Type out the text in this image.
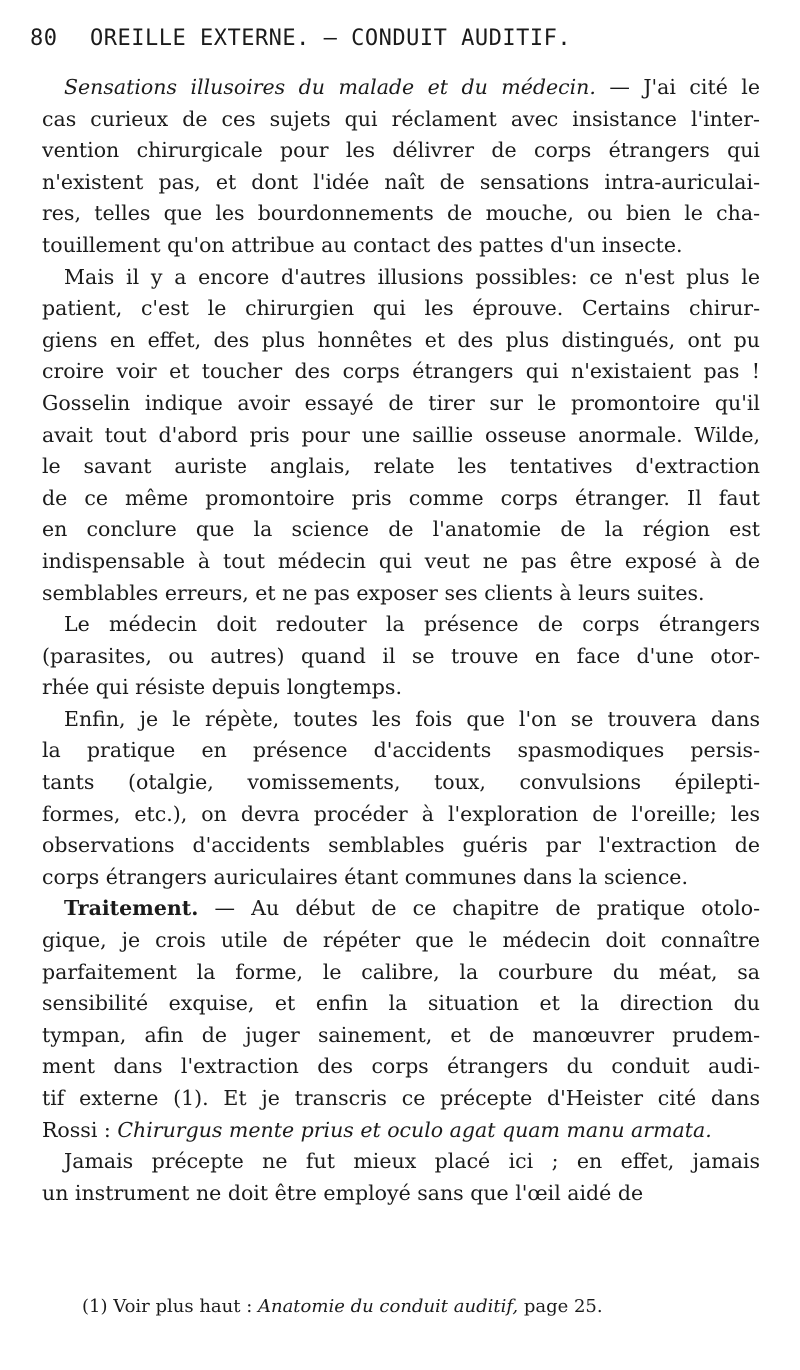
80 OREILLE EXTERNE. — CONDUIT AUDITIF.
Sensations illusoires du malade et du médecin. — J'ai cité le
cas curieux de ces sujets qui réclament avec insistance l'inter-
vention chirurgicale pour les délivrer de corps étrangers qui
n'existent pas, et dont l'idée naît de sensations intra-auriculai-
res, telles que les bourdonnements de mouche, ou bien le cha-
touillement qu'on attribue au contact des pattes d'un insecte.
Mais il y a encore d'autres illusions possibles: ce n'est plus le
patient, c'est le chirurgien qui les éprouve. Certains chirur-
giens en effet, des plus honnêtes et des plus distingués, ont pu
croire voir et toucher des corps étrangers qui n'existaient pas !
Gosselin indique avoir essayé de tirer sur le promontoire qu'il
avait tout d'abord pris pour une saillie osseuse anormale. Wilde,
le savant auriste anglais, relate les tentatives d'extraction
de ce même promontoire pris comme corps étranger. Il faut
en conclure que la science de l'anatomie de la région est
indispensable à tout médecin qui veut ne pas être exposé à de
semblables erreurs, et ne pas exposer ses clients à leurs suites.
Le médecin doit redouter la présence de corps étrangers
(parasites, ou autres) quand il se trouve en face d'une otor-
rhée qui résiste depuis longtemps.
Enfin, je le répète, toutes les fois que l'on se trouvera dans
la pratique en présence d'accidents spasmodiques persis-
tants (otalgie, vomissements, toux, convulsions épilepti-
formes, etc.), on devra procéder à l'exploration de l'oreille; les
observations d'accidents semblables guéris par l'extraction de
corps étrangers auriculaires étant communes dans la science.
Traitement. — Au début de ce chapitre de pratique otolo-
gique, je crois utile de répéter que le médecin doit connaître
parfaitement la forme, le calibre, la courbure du méat, sa
sensibilité exquise, et enfin la situation et la direction du
tympan, afin de juger sainement, et de manœuvrer prudem-
ment dans l'extraction des corps étrangers du conduit audi-
tif externe (1). Et je transcris ce précepte d'Heister cité dans
Rossi : Chirurgus mente prius et oculo agat quam manu armata.
Jamais précepte ne fut mieux placé ici ; en effet, jamais
un instrument ne doit être employé sans que l'œil aidé de
(1) Voir plus haut : Anatomie du conduit auditif, page 25.
